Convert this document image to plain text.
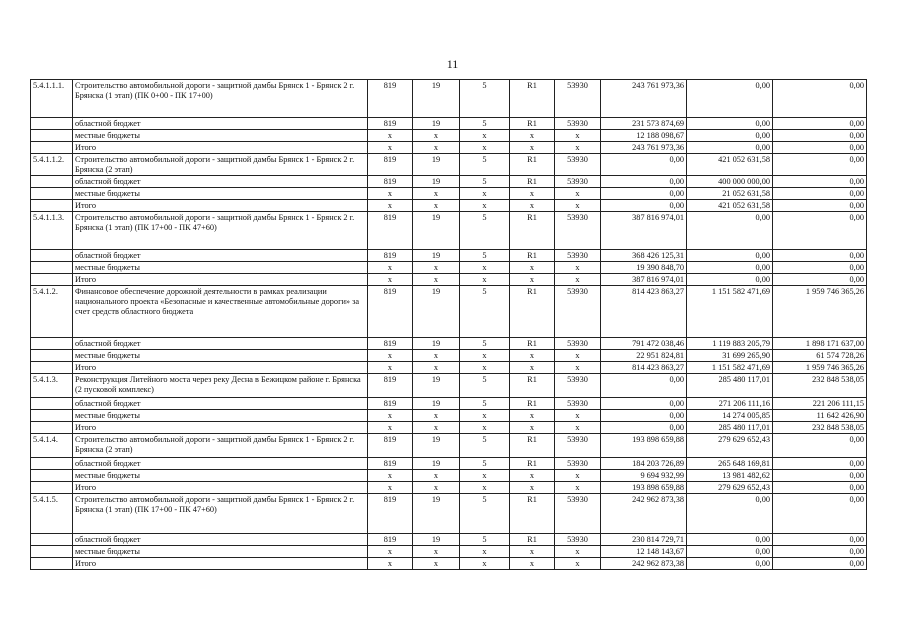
11
5.4.1.1.1.	Строительство автомобильной дороги - защитной дамбы Брянск 1 - Брянск 2 г. Брянска (1 этап) (ПК 0+00 - ПК 17+00)	819	19	5	R1	53930	243 761 973,36	0,00	0,00
	областной бюджет	819	19	5	R1	53930	231 573 874,69	0,00	0,00
	местные бюджеты	x	x	x	x	x	12 188 098,67	0,00	0,00
	Итого	x	x	x	x	x	243 761 973,36	0,00	0,00
5.4.1.1.2.	Строительство автомобильной дороги - защитной дамбы Брянск 1 - Брянск 2 г. Брянска (2 этап)	819	19	5	R1	53930	0,00	421 052 631,58	0,00
	областной бюджет	819	19	5	R1	53930	0,00	400 000 000,00	0,00
	местные бюджеты	x	x	x	x	x	0,00	21 052 631,58	0,00
	Итого	x	x	x	x	x	0,00	421 052 631,58	0,00
5.4.1.1.3.	Строительство автомобильной дороги - защитной дамбы Брянск 1 - Брянск 2 г. Брянска (1 этап) (ПК 17+00 - ПК 47+60)	819	19	5	R1	53930	387 816 974,01	0,00	0,00
	областной бюджет	819	19	5	R1	53930	368 426 125,31	0,00	0,00
	местные бюджеты	x	x	x	x	x	19 390 848,70	0,00	0,00
	Итого	x	x	x	x	x	387 816 974,01	0,00	0,00
5.4.1.2.	Финансовое обеспечение дорожной деятельности в рамках реализации национального проекта «Безопасные и качественные автомобильные дороги» за счет средств областного бюджета	819	19	5	R1	53930	814 423 863,27	1 151 582 471,69	1 959 746 365,26
	областной бюджет	819	19	5	R1	53930	791 472 038,46	1 119 883 205,79	1 898 171 637,00
	местные бюджеты	x	x	x	x	x	22 951 824,81	31 699 265,90	61 574 728,26
	Итого	x	x	x	x	x	814 423 863,27	1 151 582 471,69	1 959 746 365,26
5.4.1.3.	Реконструкция Литейного моста через реку Десна в Бежицком районе г. Брянска (2 пусковой комплекс)	819	19	5	R1	53930	0,00	285 480 117,01	232 848 538,05
	областной бюджет	819	19	5	R1	53930	0,00	271 206 111,16	221 206 111,15
	местные бюджеты	x	x	x	x	x	0,00	14 274 005,85	11 642 426,90
	Итого	x	x	x	x	x	0,00	285 480 117,01	232 848 538,05
5.4.1.4.	Строительство автомобильной дороги - защитной дамбы Брянск 1 - Брянск 2 г. Брянска (2 этап)	819	19	5	R1	53930	193 898 659,88	279 629 652,43	0,00
	областной бюджет	819	19	5	R1	53930	184 203 726,89	265 648 169,81	0,00
	местные бюджеты	x	x	x	x	x	9 694 932,99	13 981 482,62	0,00
	Итого	x	x	x	x	x	193 898 659,88	279 629 652,43	0,00
5.4.1.5.	Строительство автомобильной дороги - защитной дамбы Брянск 1 - Брянск 2 г. Брянска (1 этап) (ПК 17+00 - ПК 47+60)	819	19	5	R1	53930	242 962 873,38	0,00	0,00
	областной бюджет	819	19	5	R1	53930	230 814 729,71	0,00	0,00
	местные бюджеты	x	x	x	x	x	12 148 143,67	0,00	0,00
	Итого	x	x	x	x	x	242 962 873,38	0,00	0,00
